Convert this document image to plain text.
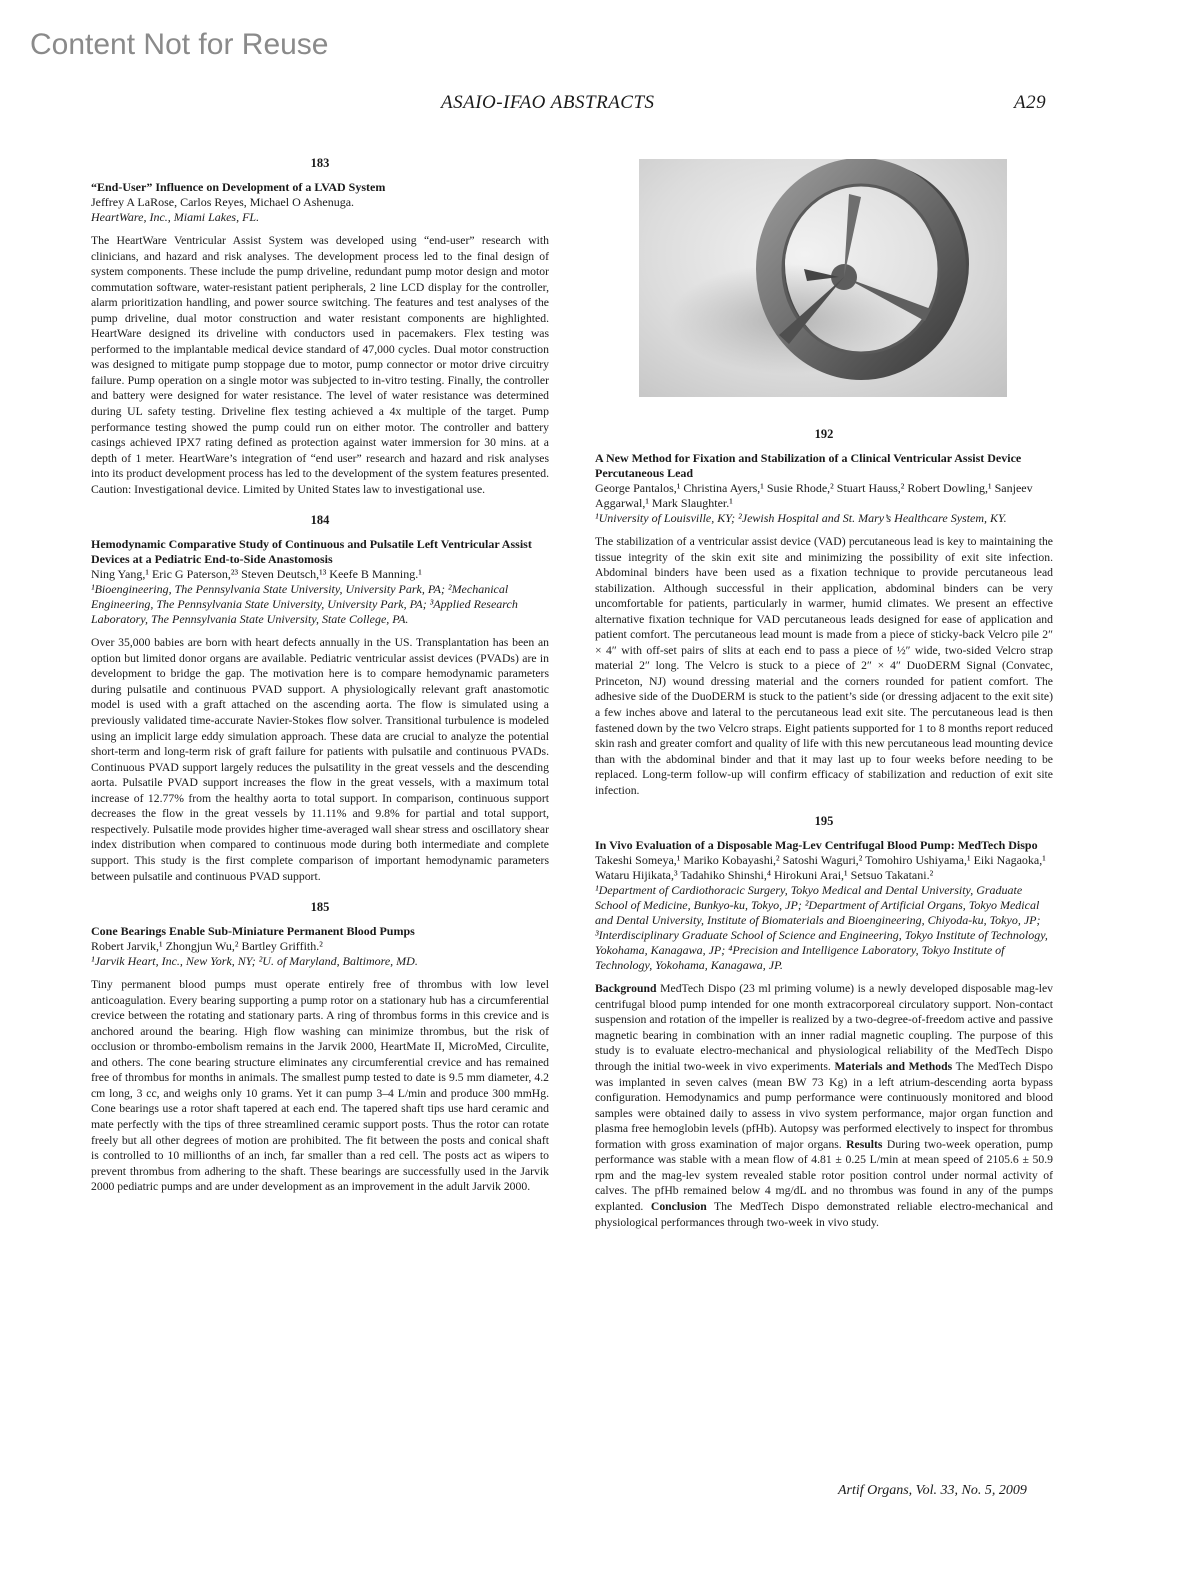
Content Not for Reuse
ASAIO-IFAO ABSTRACTS	A29
183
“End-User” Influence on Development of a LVAD System
Jeffrey A LaRose, Carlos Reyes, Michael O Ashenuga.
HeartWare, Inc., Miami Lakes, FL.
The HeartWare Ventricular Assist System was developed using “end-user” research with clinicians, and hazard and risk analyses. The development process led to the final design of system components. These include the pump driveline, redundant pump motor design and motor commutation software, water-resistant patient peripherals, 2 line LCD display for the controller, alarm prioritization handling, and power source switching. The features and test analyses of the pump driveline, dual motor construction and water resistant components are highlighted. HeartWare designed its driveline with conductors used in pacemakers. Flex testing was performed to the implantable medical device standard of 47,000 cycles. Dual motor construction was designed to mitigate pump stoppage due to motor, pump connector or motor drive circuitry failure. Pump operation on a single motor was subjected to in-vitro testing. Finally, the controller and battery were designed for water resistance. The level of water resistance was determined during UL safety testing. Driveline flex testing achieved a 4x multiple of the target. Pump performance testing showed the pump could run on either motor. The controller and battery casings achieved IPX7 rating defined as protection against water immersion for 30 mins. at a depth of 1 meter. HeartWare’s integration of “end user” research and hazard and risk analyses into its product development process has led to the development of the system features presented. Caution: Investigational device. Limited by United States law to investigational use.
184
Hemodynamic Comparative Study of Continuous and Pulsatile Left Ventricular Assist Devices at a Pediatric End-to-Side Anastomosis
Ning Yang,¹ Eric G Paterson,²³ Steven Deutsch,¹³ Keefe B Manning.¹
¹Bioengineering, The Pennsylvania State University, University Park, PA; ²Mechanical Engineering, The Pennsylvania State University, University Park, PA; ³Applied Research Laboratory, The Pennsylvania State University, State College, PA.
Over 35,000 babies are born with heart defects annually in the US. Transplantation has been an option but limited donor organs are available. Pediatric ventricular assist devices (PVADs) are in development to bridge the gap. The motivation here is to compare hemodynamic parameters during pulsatile and continuous PVAD support. A physiologically relevant graft anastomotic model is used with a graft attached on the ascending aorta. The flow is simulated using a previously validated time-accurate Navier-Stokes flow solver. Transitional turbulence is modeled using an implicit large eddy simulation approach. These data are crucial to analyze the potential short-term and long-term risk of graft failure for patients with pulsatile and continuous PVADs. Continuous PVAD support largely reduces the pulsatility in the great vessels and the descending aorta. Pulsatile PVAD support increases the flow in the great vessels, with a maximum total increase of 12.77% from the healthy aorta to total support. In comparison, continuous support decreases the flow in the great vessels by 11.11% and 9.8% for partial and total support, respectively. Pulsatile mode provides higher time-averaged wall shear stress and oscillatory shear index distribution when compared to continuous mode during both intermediate and complete support. This study is the first complete comparison of important hemodynamic parameters between pulsatile and continuous PVAD support.
185
Cone Bearings Enable Sub-Miniature Permanent Blood Pumps
Robert Jarvik,¹ Zhongjun Wu,² Bartley Griffith.²
¹Jarvik Heart, Inc., New York, NY; ²U. of Maryland, Baltimore, MD.
Tiny permanent blood pumps must operate entirely free of thrombus with low level anticoagulation. Every bearing supporting a pump rotor on a stationary hub has a circumferential crevice between the rotating and stationary parts. A ring of thrombus forms in this crevice and is anchored around the bearing. High flow washing can minimize thrombus, but the risk of occlusion or thrombo-embolism remains in the Jarvik 2000, HeartMate II, MicroMed, Circulite, and others. The cone bearing structure eliminates any circumferential crevice and has remained free of thrombus for months in animals. The smallest pump tested to date is 9.5 mm diameter, 4.2 cm long, 3 cc, and weighs only 10 grams. Yet it can pump 3–4 L/min and produce 300 mmHg. Cone bearings use a rotor shaft tapered at each end. The tapered shaft tips use hard ceramic and mate perfectly with the tips of three streamlined ceramic support posts. Thus the rotor can rotate freely but all other degrees of motion are prohibited. The fit between the posts and conical shaft is controlled to 10 millionths of an inch, far smaller than a red cell. The posts act as wipers to prevent thrombus from adhering to the shaft. These bearings are successfully used in the Jarvik 2000 pediatric pumps and are under development as an improvement in the adult Jarvik 2000.
192
A New Method for Fixation and Stabilization of a Clinical Ventricular Assist Device Percutaneous Lead
George Pantalos,¹ Christina Ayers,¹ Susie Rhode,² Stuart Hauss,² Robert Dowling,¹ Sanjeev Aggarwal,¹ Mark Slaughter.¹
¹University of Louisville, KY; ²Jewish Hospital and St. Mary’s Healthcare System, KY.
The stabilization of a ventricular assist device (VAD) percutaneous lead is key to maintaining the tissue integrity of the skin exit site and minimizing the possibility of exit site infection. Abdominal binders have been used as a fixation technique to provide percutaneous lead stabilization. Although successful in their application, abdominal binders can be very uncomfortable for patients, particularly in warmer, humid climates. We present an effective alternative fixation technique for VAD percutaneous leads designed for ease of application and patient comfort. The percutaneous lead mount is made from a piece of sticky-back Velcro pile 2″ × 4″ with off-set pairs of slits at each end to pass a piece of ½″ wide, two-sided Velcro strap material 2″ long. The Velcro is stuck to a piece of 2″ × 4″ DuoDERM Signal (Convatec, Princeton, NJ) wound dressing material and the corners rounded for patient comfort. The adhesive side of the DuoDERM is stuck to the patient’s side (or dressing adjacent to the exit site) a few inches above and lateral to the percutaneous lead exit site. The percutaneous lead is then fastened down by the two Velcro straps. Eight patients supported for 1 to 8 months report reduced skin rash and greater comfort and quality of life with this new percutaneous lead mounting device than with the abdominal binder and that it may last up to four weeks before needing to be replaced. Long-term follow-up will confirm efficacy of stabilization and reduction of exit site infection.
195
In Vivo Evaluation of a Disposable Mag-Lev Centrifugal Blood Pump: MedTech Dispo
Takeshi Someya,¹ Mariko Kobayashi,² Satoshi Waguri,² Tomohiro Ushiyama,¹ Eiki Nagaoka,¹ Wataru Hijikata,³ Tadahiko Shinshi,⁴ Hirokuni Arai,¹ Setsuo Takatani.²
¹Department of Cardiothoracic Surgery, Tokyo Medical and Dental University, Graduate School of Medicine, Bunkyo-ku, Tokyo, JP; ²Department of Artificial Organs, Tokyo Medical and Dental University, Institute of Biomaterials and Bioengineering, Chiyoda-ku, Tokyo, JP; ³Interdisciplinary Graduate School of Science and Engineering, Tokyo Institute of Technology, Yokohama, Kanagawa, JP; ⁴Precision and Intelligence Laboratory, Tokyo Institute of Technology, Yokohama, Kanagawa, JP.
Background MedTech Dispo (23 ml priming volume) is a newly developed disposable mag-lev centrifugal blood pump intended for one month extracorporeal circulatory support. Non-contact suspension and rotation of the impeller is realized by a two-degree-of-freedom active and passive magnetic bearing in combination with an inner radial magnetic coupling. The purpose of this study is to evaluate electro-mechanical and physiological reliability of the MedTech Dispo through the initial two-week in vivo experiments. Materials and Methods The MedTech Dispo was implanted in seven calves (mean BW 73 Kg) in a left atrium-descending aorta bypass configuration. Hemodynamics and pump performance were continuously monitored and blood samples were obtained daily to assess in vivo system performance, major organ function and plasma free hemoglobin levels (pfHb). Autopsy was performed electively to inspect for thrombus formation with gross examination of major organs. Results During two-week operation, pump performance was stable with a mean flow of 4.81 ± 0.25 L/min at mean speed of 2105.6 ± 50.9 rpm and the mag-lev system revealed stable rotor position control under normal activity of calves. The pfHb remained below 4 mg/dL and no thrombus was found in any of the pumps explanted. Conclusion The MedTech Dispo demonstrated reliable electro-mechanical and physiological performances through two-week in vivo study.
Artif Organs, Vol. 33, No. 5, 2009
